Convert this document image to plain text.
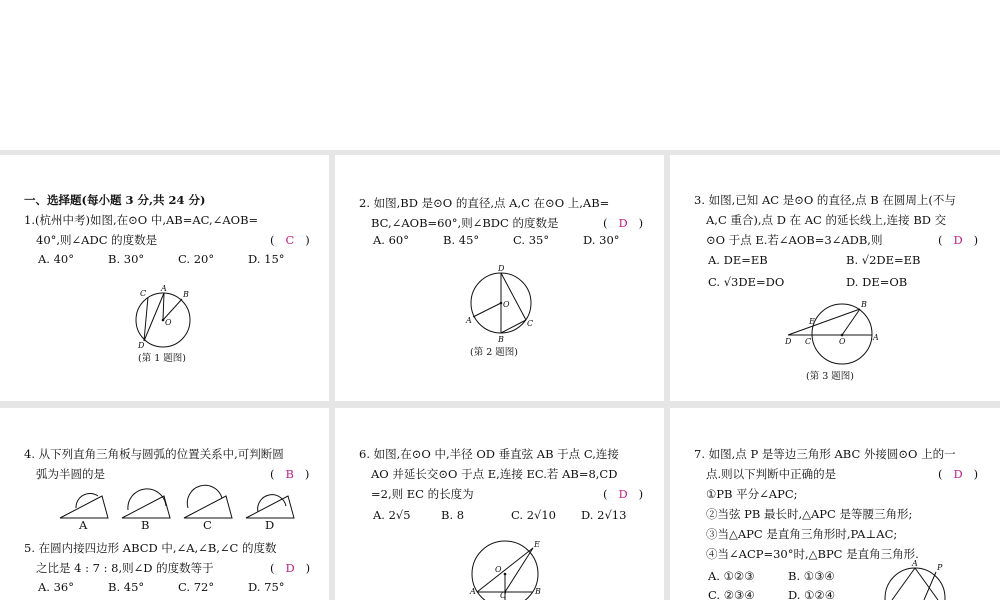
一、选择题(每小题 3 分,共 24 分)
1.(杭州中考)如图,在⊙O 中,AB=AC,∠AOB=
40°,则∠ADC 的度数是	( C )
A. 40°	B. 30°	C. 20°	D. 15°
C
A
B
O
D
(第 1 题图)
2. 如图,BD 是⊙O 的直径,点 A,C 在⊙O 上,AB=
BC,∠AOB=60°,则∠BDC 的度数是	( D )
A. 60°	B. 45°	C. 35°	D. 30°
D
O
A	C
B
(第 2 题图)
3. 如图,已知 AC 是⊙O 的直径,点 B 在圆周上(不与
A,C 重合),点 D 在 AC 的延长线上,连接 BD 交
⊙O 于点 E.若∠AOB=3∠ADB,则	( D )
A. DE=EB	B. √2DE=EB
C. √3DE=DO	D. DE=OB
B
E
D C	O	A
(第 3 题图)
4. 从下列直角三角板与圆弧的位置关系中,可判断圆
弧为半圆的是	( B )
A	B	C	D
5. 在圆内接四边形 ABCD 中,∠A,∠B,∠C 的度数
之比是 4 : 7 : 8,则∠D 的度数等于	( D )
A. 36°	B. 45°	C. 72°	D. 75°
6. 如图,在⊙O 中,半径 OD 垂直弦 AB 于点 C,连接
AO 并延长交⊙O 于点 E,连接 EC.若 AB=8,CD
=2,则 EC 的长度为	( D )
A. 2√5	B. 8	C. 2√10 D. 2√13
E
O
A	B
C
7. 如图,点 P 是等边三角形 ABC 外接圆⊙O 上的一
点.则以下判断中正确的是	( D )
①PB 平分∠APC;
②当弦 PB 最长时,△APC 是等腰三角形;
③当△APC 是直角三角形时,PA⊥AC;
④当∠ACP=30°时,△BPC 是直角三角形.
A. ①②③	B. ①③④
C. ②③④	D. ①②④
A P
